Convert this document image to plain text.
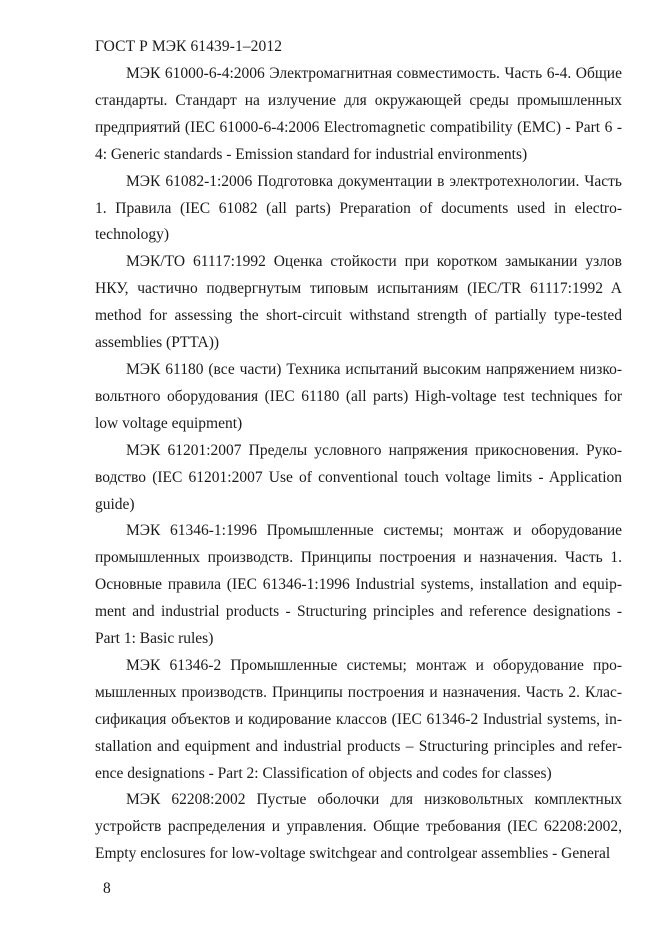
ГОСТ Р МЭК 61439-1–2012

МЭК 61000-6-4:2006 Электромагнитная совместимость. Часть 6-4. Общие стандарты. Стандарт на излучение для окружающей среды промышленных предприятий (IEC 61000-6-4:2006 Electromagnetic compatibility (EMC) - Part 6 - 4: Generic standards - Emission standard for industrial environments)

МЭК 61082-1:2006 Подготовка документации в электротехнологии. Часть 1. Правила (IEC 61082 (all parts) Preparation of documents used in electro-technology)

МЭК/ТО 61117:1992 Оценка стойкости при коротком замыкании узлов НКУ, частично подвергнутым типовым испытаниям (IEC/TR 61117:1992 A method for assessing the short-circuit withstand strength of partially type-tested assemblies (PTTA))

МЭК 61180 (все части) Техника испытаний высоким напряжением низко-вольтного оборудования (IEC 61180 (all parts) High-voltage test techniques for low voltage equipment)

МЭК 61201:2007 Пределы условного напряжения прикосновения. Руко-водство (IEC 61201:2007 Use of conventional touch voltage limits - Application guide)

МЭК 61346-1:1996 Промышленные системы; монтаж и оборудование промышленных производств. Принципы построения и назначения. Часть 1. Основные правила (IEC 61346-1:1996 Industrial systems, installation and equip-ment and industrial products - Structuring principles and reference designations - Part 1: Basic rules)

МЭК 61346-2 Промышленные системы; монтаж и оборудование про-мышленных производств. Принципы построения и назначения. Часть 2. Клас-сификация объектов и кодирование классов (IEC 61346-2 Industrial systems, in-stallation and equipment and industrial products – Structuring principles and refer-ence designations - Part 2: Classification of objects and codes for classes)

МЭК 62208:2002 Пустые оболочки для низковольтных комплектных устройств распределения и управления. Общие требования (IEC 62208:2002, Empty enclosures for low-voltage switchgear and controlgear assemblies - General

8
